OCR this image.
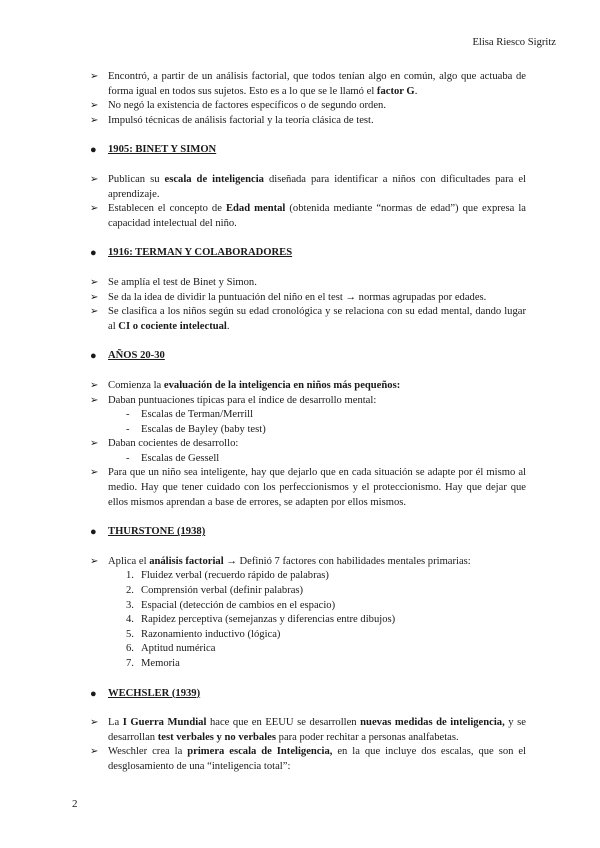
Elisa Riesco Sigritz
➢ Encontró, a partir de un análisis factorial, que todos tenían algo en común, algo que actuaba de forma igual en todos sus sujetos. Esto es a lo que se le llamó el factor G.
➢ No negó la existencia de factores específicos o de segundo orden.
➢ Impulsó técnicas de análisis factorial y la teoría clásica de test.
● 1905: BINET Y SIMON
➢ Publican su escala de inteligencia diseñada para identificar a niños con dificultades para el aprendizaje.
➢ Establecen el concepto de Edad mental (obtenida mediante “normas de edad”) que expresa la capacidad intelectual del niño.
● 1916: TERMAN Y COLABORADORES
➢ Se amplía el test de Binet y Simon.
➢ Se da la idea de dividir la puntuación del niño en el test → normas agrupadas por edades.
➢ Se clasifica a los niños según su edad cronológica y se relaciona con su edad mental, dando lugar al CI o cociente intelectual.
● AÑOS 20-30
➢ Comienza la evaluación de la inteligencia en niños más pequeños:
➢ Daban puntuaciones típicas para el índice de desarrollo mental:
- Escalas de Terman/Merrill
- Escalas de Bayley (baby test)
➢ Daban cocientes de desarrollo:
- Escalas de Gessell
➢ Para que un niño sea inteligente, hay que dejarlo que en cada situación se adapte por él mismo al medio. Hay que tener cuidado con los perfeccionismos y el proteccionismo. Hay que dejar que ellos mismos aprendan a base de errores, se adapten por ellos mismos.
● THURSTONE (1938)
➢ Aplica el análisis factorial → Definió 7 factores con habilidades mentales primarias:
1. Fluidez verbal (recuerdo rápido de palabras)
2. Comprensión verbal (definir palabras)
3. Espacial (detección de cambios en el espacio)
4. Rapidez perceptiva (semejanzas y diferencias entre dibujos)
5. Razonamiento inductivo (lógica)
6. Aptitud numérica
7. Memoria
● WECHSLER (1939)
➢ La I Guerra Mundial hace que en EEUU se desarrollen nuevas medidas de inteligencia, y se desarrollan test verbales y no verbales para poder rechitar a personas analfabetas.
➢ Weschler crea la primera escala de Inteligencia, en la que incluye dos escalas, que son el desglosamiento de una “inteligencia total”:
2
